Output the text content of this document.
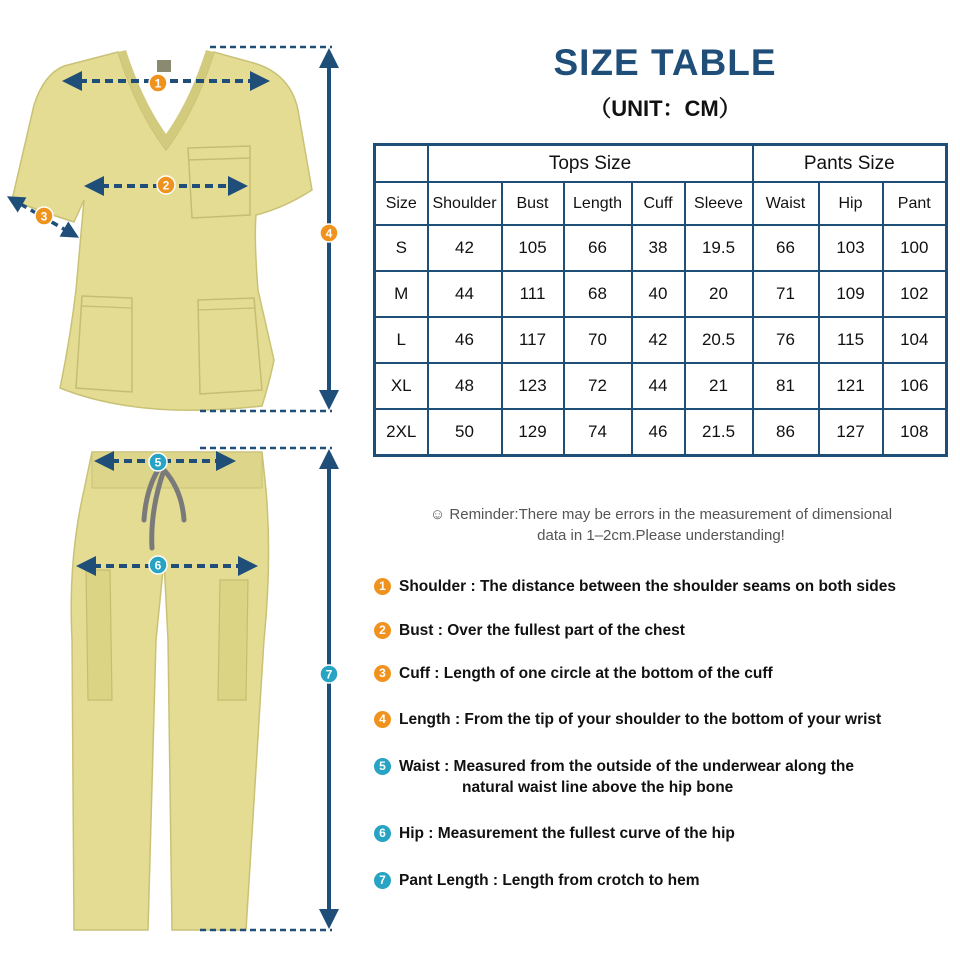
1
2
3
4
5
6
7
SIZE TABLE
（UNIT：CM）
	Tops Size					Pants Size		
Size	Shoulder	Bust	Length	Cuff	Sleeve	Waist	Hip	Pant
S	42	105	66	38	19.5	66	103	100
M	44	111	68	40	20	71	109	102
L	46	117	70	42	20.5	76	115	104
XL	48	123	72	44	21	81	121	106
2XL	50	129	74	46	21.5	86	127	108
☺ Reminder:There may be errors in the measurement of dimensional
data in 1–2cm.Please understanding!
1 Shoulder : The distance between the shoulder seams on both sides
2 Bust : Over the fullest part of the chest
3 Cuff : Length of one circle at the bottom of the cuff
4 Length : From the tip of your shoulder to the bottom of your wrist
5 Waist : Measured from the outside of the underwear along the
natural waist line above the hip bone
6 Hip : Measurement the fullest curve of the hip
7 Pant Length : Length from crotch to hem
